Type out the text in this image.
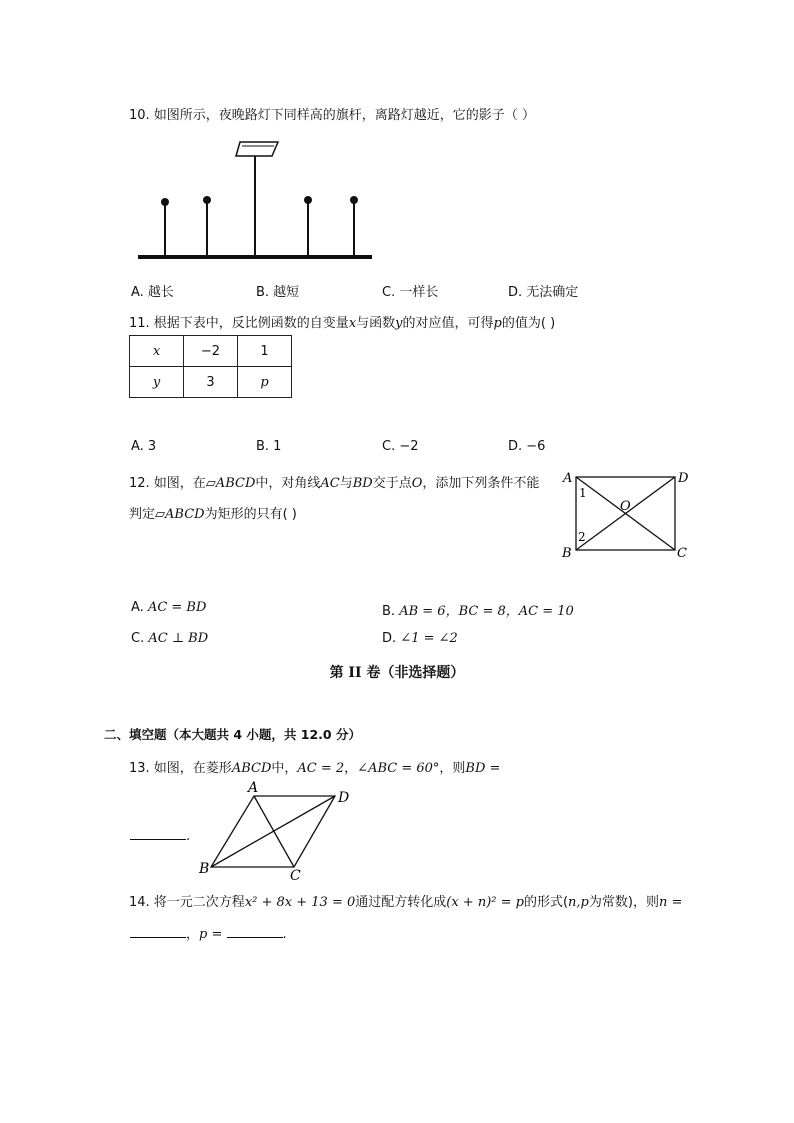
10. 如图所示，夜晚路灯下同样高的旗杆，离路灯越近，它的影子（ ）
A. 越长	B. 越短	C. 一样长	D. 无法确定
11. 根据下表中，反比例函数的自变量x与函数y的对应值，可得p的值为( )
x	−2	1
y	3	p
A. 3	B. 1	C. −2	D. −6
12. 如图，在▱ABCD中，对角线AC与BD交于点O，添加下列条件不能
判定▱ABCD为矩形的只有( )
A	D
B	C
O
1
2
A. AC = BD	B. AB = 6，BC = 8，AC = 10
C. AC ⊥ BD	D. ∠1 = ∠2
第 II 卷（非选择题）
二、填空题（本大题共 4 小题，共 12.0 分）
13. 如图，在菱形ABCD中，AC = 2，∠ABC = 60°，则BD =
.
A
D
B	C
14. 将一元二次方程x² + 8x + 13 = 0通过配方转化成(x + n)² = p的形式(n,p为常数)，则n =
，p =	.
